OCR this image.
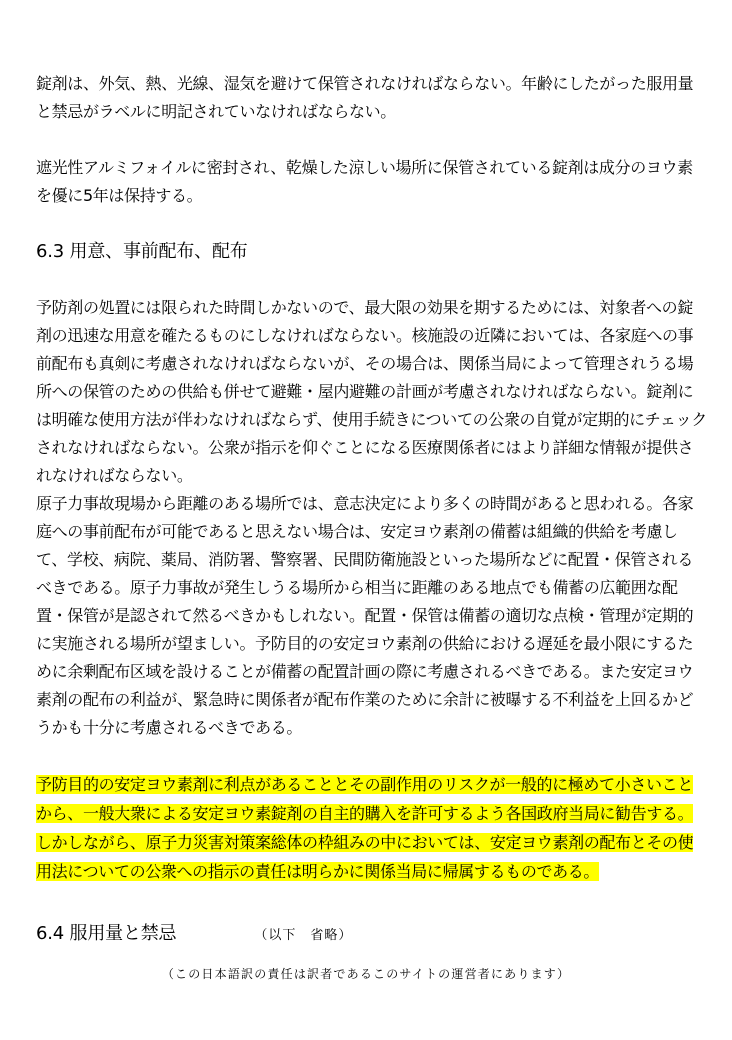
錠剤は、外気、熱、光線、湿気を避けて保管されなければならない。年齢にしたがった服用量と禁忌がラベルに明記されていなければならない。

遮光性アルミフォイルに密封され、乾燥した涼しい場所に保管されている錠剤は成分のヨウ素を優に5年は保持する。

6.3 用意、事前配布、配布

予防剤の処置には限られた時間しかないので、最大限の効果を期するためには、対象者への錠剤の迅速な用意を確たるものにしなければならない。核施設の近隣においては、各家庭への事前配布も真剣に考慮されなければならないが、その場合は、関係当局によって管理されうる場所への保管のための供給も併せて避難・屋内避難の計画が考慮されなければならない。錠剤には明確な使用方法が伴わなければならず、使用手続きについての公衆の自覚が定期的にチェックされなければならない。公衆が指示を仰ぐことになる医療関係者にはより詳細な情報が提供されなければならない。

原子力事故現場から距離のある場所では、意志決定により多くの時間があると思われる。各家庭への事前配布が可能であると思えない場合は、安定ヨウ素剤の備蓄は組織的供給を考慮して、学校、病院、薬局、消防署、警察署、民間防衛施設といった場所などに配置・保管されるべきである。原子力事故が発生しうる場所から相当に距離のある地点でも備蓄の広範囲な配置・保管が是認されて然るべきかもしれない。配置・保管は備蓄の適切な点検・管理が定期的に実施される場所が望ましい。予防目的の安定ヨウ素剤の供給における遅延を最小限にするために余剰配布区域を設けることが備蓄の配置計画の際に考慮されるべきである。また安定ヨウ素剤の配布の利益が、緊急時に関係者が配布作業のために余計に被曝する不利益を上回るかどうかも十分に考慮されるべきである。

予防目的の安定ヨウ素剤に利点があることとその副作用のリスクが一般的に極めて小さいことから、一般大衆による安定ヨウ素錠剤の自主的購入を許可するよう各国政府当局に勧告する。しかしながら、原子力災害対策案総体の枠組みの中においては、安定ヨウ素剤の配布とその使用法についての公衆への指示の責任は明らかに関係当局に帰属するものである。

6.4 服用量と禁忌	（以下　省略）
（この日本語訳の責任は訳者であるこのサイトの運営者にあります）
